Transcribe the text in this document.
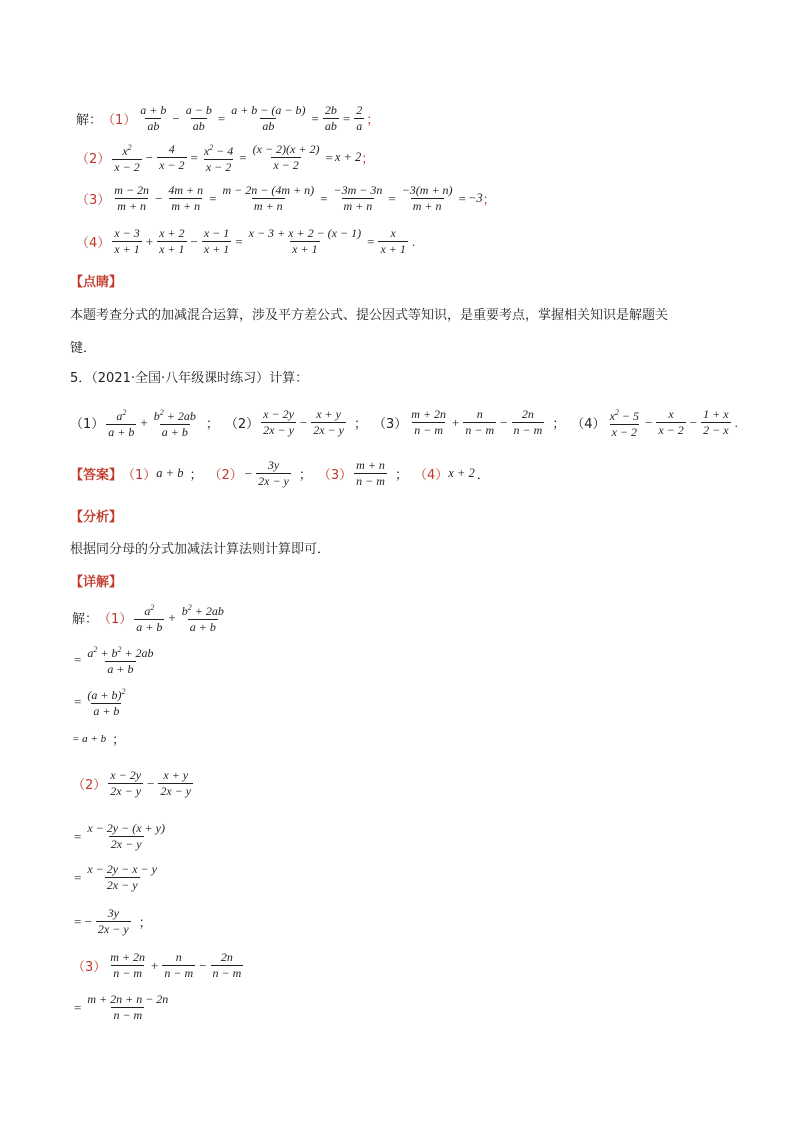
解： $(1) \frac{a + b}{ab} - \frac{a - b}{ab} = \frac{a + b - (a - b)}{ab} = \frac{2b}{ab} = \frac{2}{a}$ ；
$(2) \frac{x^2}{x - 2} - \frac{4}{x - 2} = \frac{x^2 - 4}{x - 2} = \frac{(x - 2)(x + 2)}{x - 2} = x + 2$ ；
$(3) \frac{m - 2n}{m + n} - \frac{4m + n}{m + n} = \frac{m - 2n - (4m + n)}{m + n} = \frac{-3m - 3n}{m + n} = \frac{-3(m + n)}{m + n} = -3$ ；
$(4) \frac{x - 3}{x + 1} + \frac{x + 2}{x + 1} - \frac{x - 1}{x + 1} = \frac{x - 3 + x + 2 - (x - 1)}{x + 1} = \frac{x}{x + 1}$ .
【点睛】
本题考查分式的加减混合运算，涉及平方差公式、提公因式等知识，是重要考点，掌握相关知识是解题关
键．
5．（2021·全国·八年级课时练习）计算：
$(1) \frac{a^2}{a + b} + \frac{b^2 + 2ab}{a + b}$ ； $(2) \frac{x - 2y}{2x - y} - \frac{x + y}{2x - y}$ ； $(3) \frac{m + 2n}{n - m} + \frac{n}{n - m} - \frac{2n}{n - m}$ ； $(4) \frac{x^2 - 5}{x - 2} - \frac{x}{x - 2} - \frac{1 + x}{2 - x}$ .
【答案】 （1） a + b ； $(2) - \frac{3y}{2x - y}$ ； $(3) \frac{m + n}{n - m}$ ； （4） x + 2 ．
【分析】
根据同分母的分式加减法计算法则计算即可．
【详解】
解： $(1) \frac{a^2}{a + b} + \frac{b^2 + 2ab}{a + b}$
= $\frac{a^2 + b^2 + 2ab}{a + b}$
= $\frac{(a + b)^2}{a + b}$
= a + b ；
$(2) \frac{x - 2y}{2x - y} - \frac{x + y}{2x - y}$
= $\frac{x - 2y - (x + y)}{2x - y}$
= $\frac{x - 2y - x - y}{2x - y}$
= − $\frac{3y}{2x - y}$ ；
$(3) \frac{m + 2n}{n - m} + \frac{n}{n - m} - \frac{2n}{n - m}$
= $\frac{m + 2n + n - 2n}{n - m}$
